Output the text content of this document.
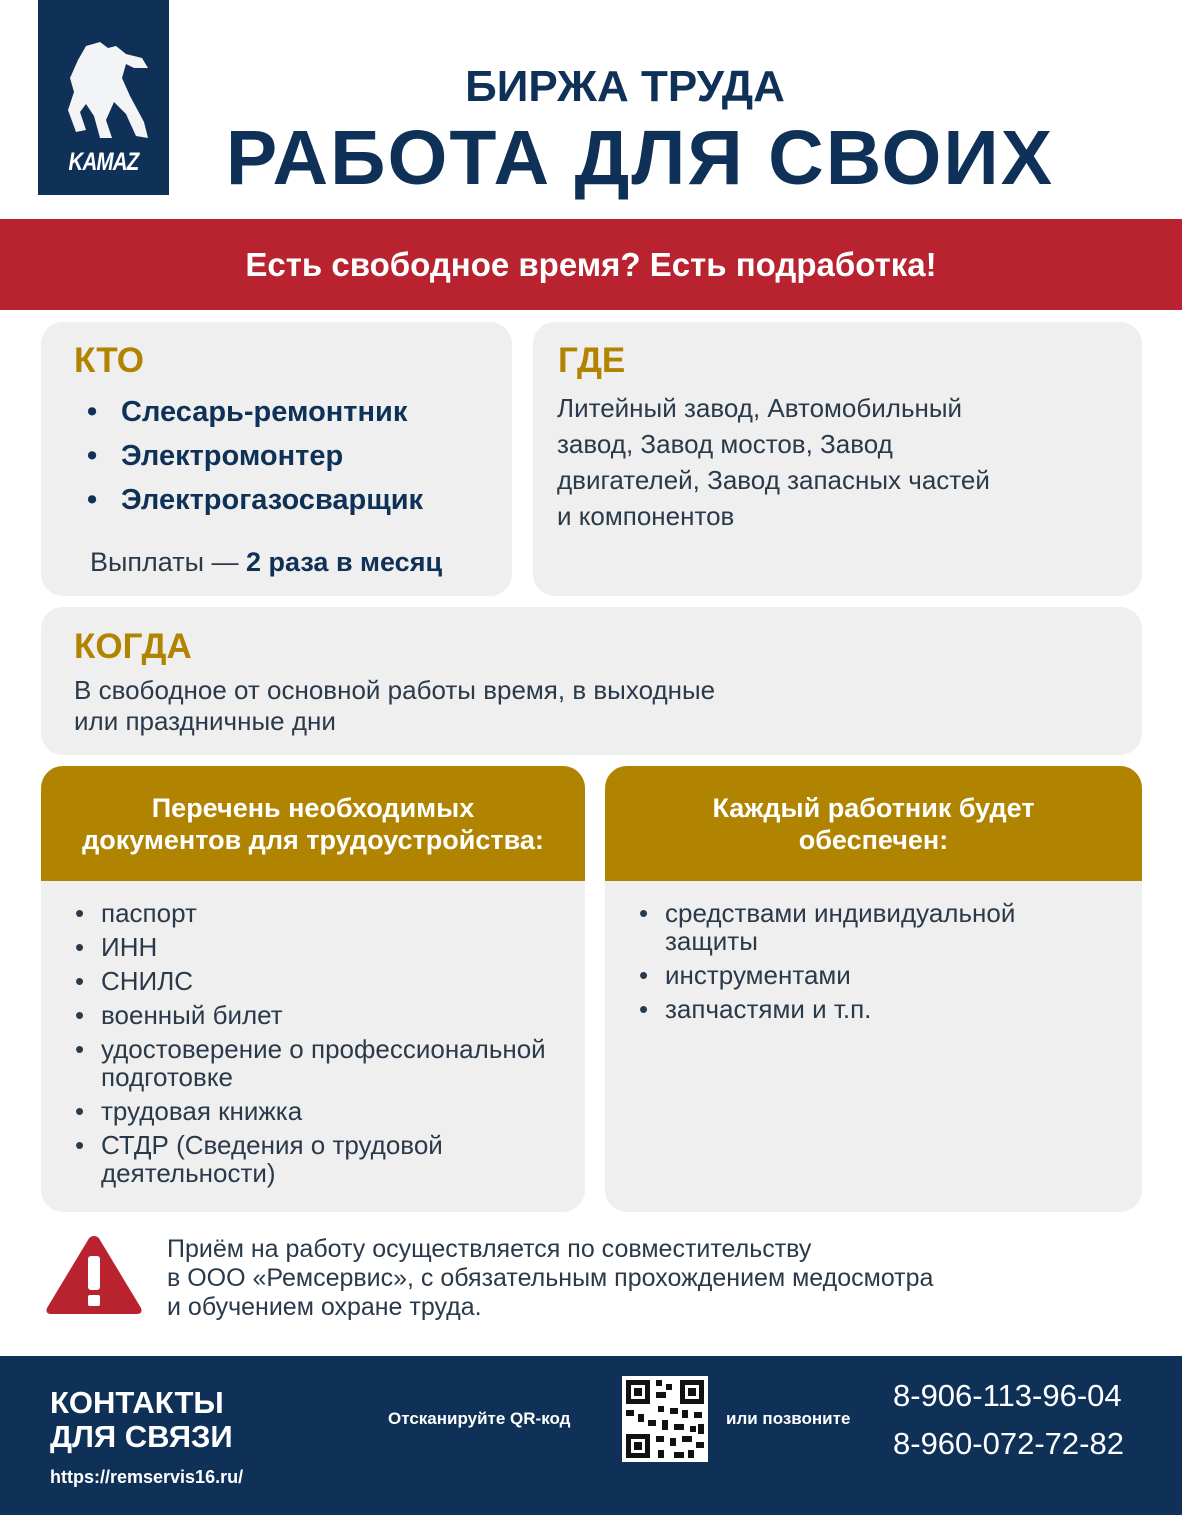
KAMAZ
БИРЖА ТРУДА
РАБОТА ДЛЯ СВОИХ
Есть свободное время? Есть подработка!
КТО
• Слесарь-ремонтник
• Электромонтер
• Электрогазосварщик
Выплаты — 2 раза в месяц
ГДЕ
Литейный завод, Автомобильный
завод, Завод мостов, Завод
двигателей, Завод запасных частей
и компонентов
КОГДА
В свободное от основной работы время, в выходные
или праздничные дни
Перечень необходимых
документов для трудоустройства:
• паспорт
• ИНН
• СНИЛС
• военный билет
• удостоверение о профессиональной
подготовке
• трудовая книжка
• СТДР (Сведения о трудовой
деятельности)
Каждый работник будет
обеспечен:
• средствами индивидуальной
защиты
• инструментами
• запчастями и т.п.
Приём на работу осуществляется по совместительству
в ООО «Ремсервис», с обязательным прохождением медосмотра
и обучением охране труда.
КОНТАКТЫ
ДЛЯ СВЯЗИ
https://remservis16.ru/
Отсканируйте QR-код	или позвоните
8-906-113-96-04
8-960-072-72-82
